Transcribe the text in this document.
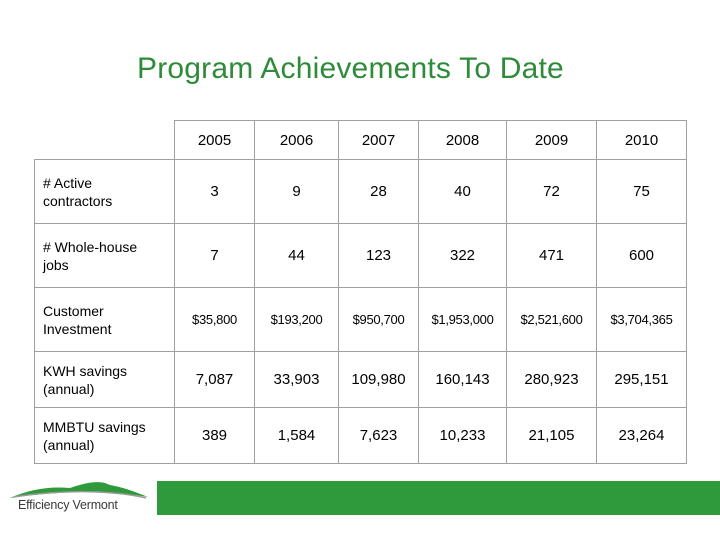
Program Achievements To Date
	2005	2006	2007	2008	2009	2010
# Active
contractors	3	9	28	40	72	75
# Whole-house
jobs	7	44	123	322	471	600
Customer
Investment	$35,800	$193,200	$950,700	$1,953,000	$2,521,600	$3,704,365
KWH savings
(annual)	7,087	33,903	109,980	160,143	280,923	295,151
MMBTU savings
(annual)	389	1,584	7,623	10,233	21,105	23,264
Efficiency Vermont
